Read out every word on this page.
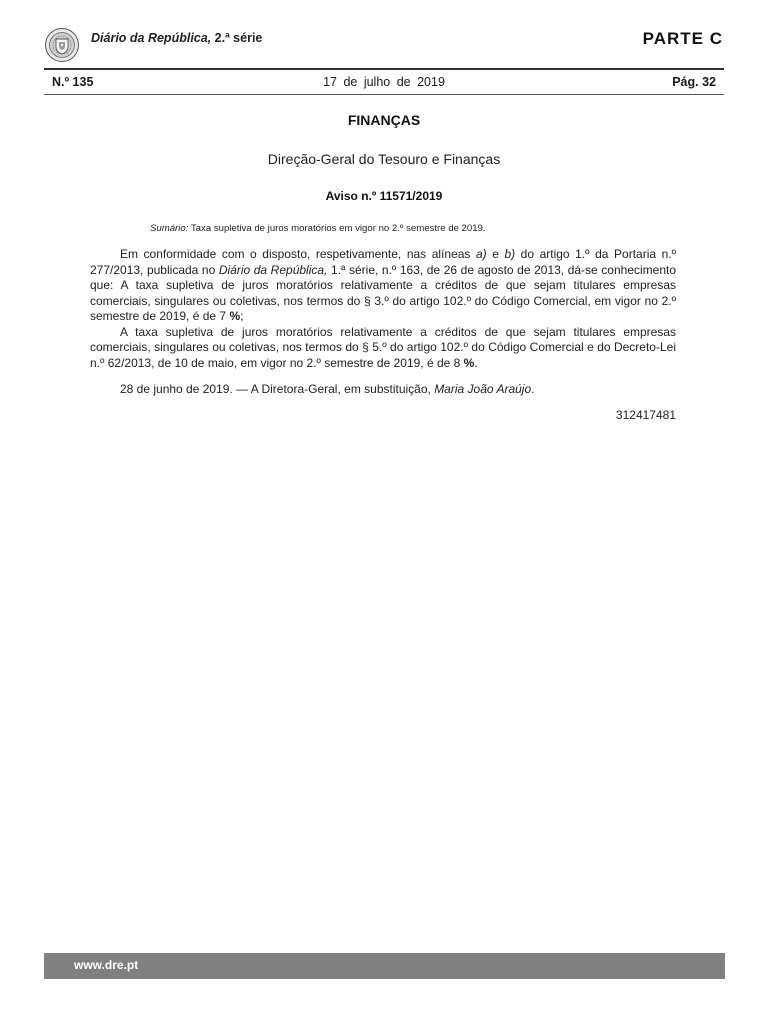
Diário da República, 2.ª série	PARTE C
N.º 135	17 de julho de 2019	Pág. 32
FINANÇAS
Direção-Geral do Tesouro e Finanças
Aviso n.º 11571/2019
Sumário: Taxa supletiva de juros moratórios em vigor no 2.º semestre de 2019.

Em conformidade com o disposto, respetivamente, nas alíneas a) e b) do artigo 1.º da Portaria n.º 277/2013, publicada no Diário da República, 1.ª série, n.º 163, de 26 de agosto de 2013, dá-se conhecimento que: A taxa supletiva de juros moratórios relativamente a créditos de que sejam titulares empresas comerciais, singulares ou coletivas, nos termos do § 3.º do artigo 102.º do Código Comercial, em vigor no 2.º semestre de 2019, é de 7 %;

A taxa supletiva de juros moratórios relativamente a créditos de que sejam titulares empresas comerciais, singulares ou coletivas, nos termos do § 5.º do artigo 102.º do Código Comercial e do Decreto-Lei n.º 62/2013, de 10 de maio, em vigor no 2.º semestre de 2019, é de 8 %.

28 de junho de 2019. — A Diretora-Geral, em substituição, Maria João Araújo.

312417481
www.dre.pt
